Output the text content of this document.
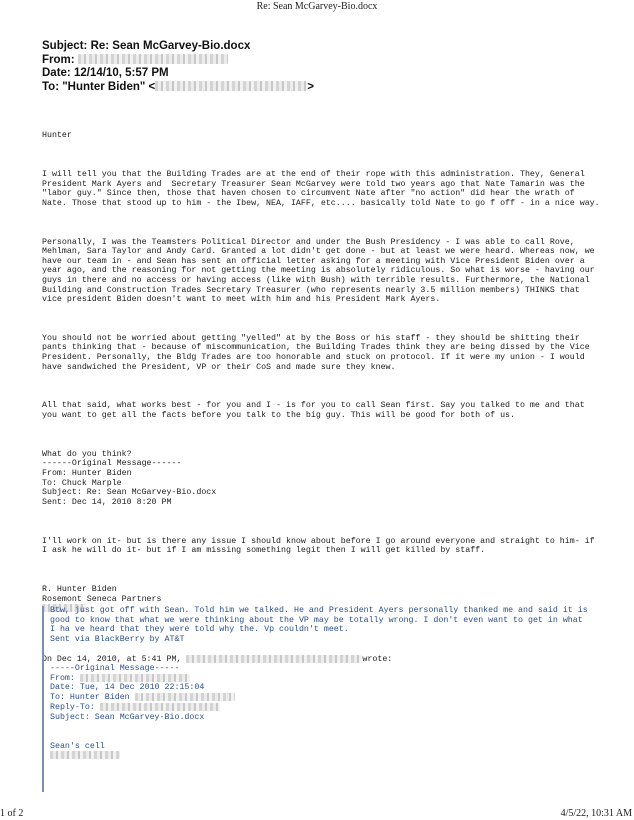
Re: Sean McGarvey-Bio.docx
Subject: Re: Sean McGarvey-Bio.docx
From:
Date: 12/14/10, 5:57 PM
To: "Hunter Biden" <	>

Hunter

I will tell you that the Building Trades are at the end of their rope with this administration. They, General President Mark Ayers and  Secretary Treasurer Sean McGarvey were told two years ago that Nate Tamarin was the "labor guy." Since then, those that haven chosen to circumvent Nate after "no action" did hear the wrath of Nate. Those that stood up to him - the Ibew, NEA, IAFF, etc.... basically told Nate to go f off - in a nice way.

Personally, I was the Teamsters Political Director and under the Bush Presidency - I was able to call Rove, Mehlman, Sara Taylor and Andy Card. Granted a lot didn't get done - but at least we were heard. Whereas now, we have our team in - and Sean has sent an official letter asking for a meeting with Vice President Biden over a year ago, and the reasoning for not getting the meeting is absolutely ridiculous. So what is worse - having our guys in there and no access or having access (like with Bush) with terrible results. Furthermore, the National Building and Construction Trades Secretary Treasurer (who represents nearly 3.5 million members) THINKS that vice president Biden doesn't want to meet with him and his President Mark Ayers.

You should not be worried about getting "yelled" at by the Boss or his staff - they should be shitting their pants thinking that - because of miscommunication, the Building Trades think they are being dissed by the Vice President. Personally, the Bldg Trades are too honorable and stuck on protocol. If it were my union - I would have sandwiched the President, VP or their CoS and made sure they knew.

All that said, what works best - for you and I - is for you to call Sean first. Say you talked to me and that you want to get all the facts before you talk to the big guy. This will be good for both of us.

What do you think?
------Original Message------
From: Hunter Biden
To: Chuck Marple
Subject: Re: Sean McGarvey-Bio.docx
Sent: Dec 14, 2010 8:20 PM

I'll work on it- but is there any issue I should know about before I go around everyone and straight to him- if I ask he will do it- but if I am missing something legit then I will get killed by staff.

R. Hunter Biden
Rosemont Seneca Partners

On Dec 14, 2010, at 5:41 PM,	wrote:

Btw, just got off with Sean. Told him we talked. He and President Ayers personally thanked me and said it is good to know that what we were thinking about the VP may be totally wrong. I don't even want to get in what I ha ve heard that they were told why the. Vp couldn't meet.
Sent via BlackBerry by AT&T

-----Original Message-----
From:
Date: Tue, 14 Dec 2010 22:15:04
To: Hunter Biden
Reply-To:
Subject: Sean McGarvey-Bio.docx

Sean's cell
1 of 2	4/5/22, 10:31 AM
